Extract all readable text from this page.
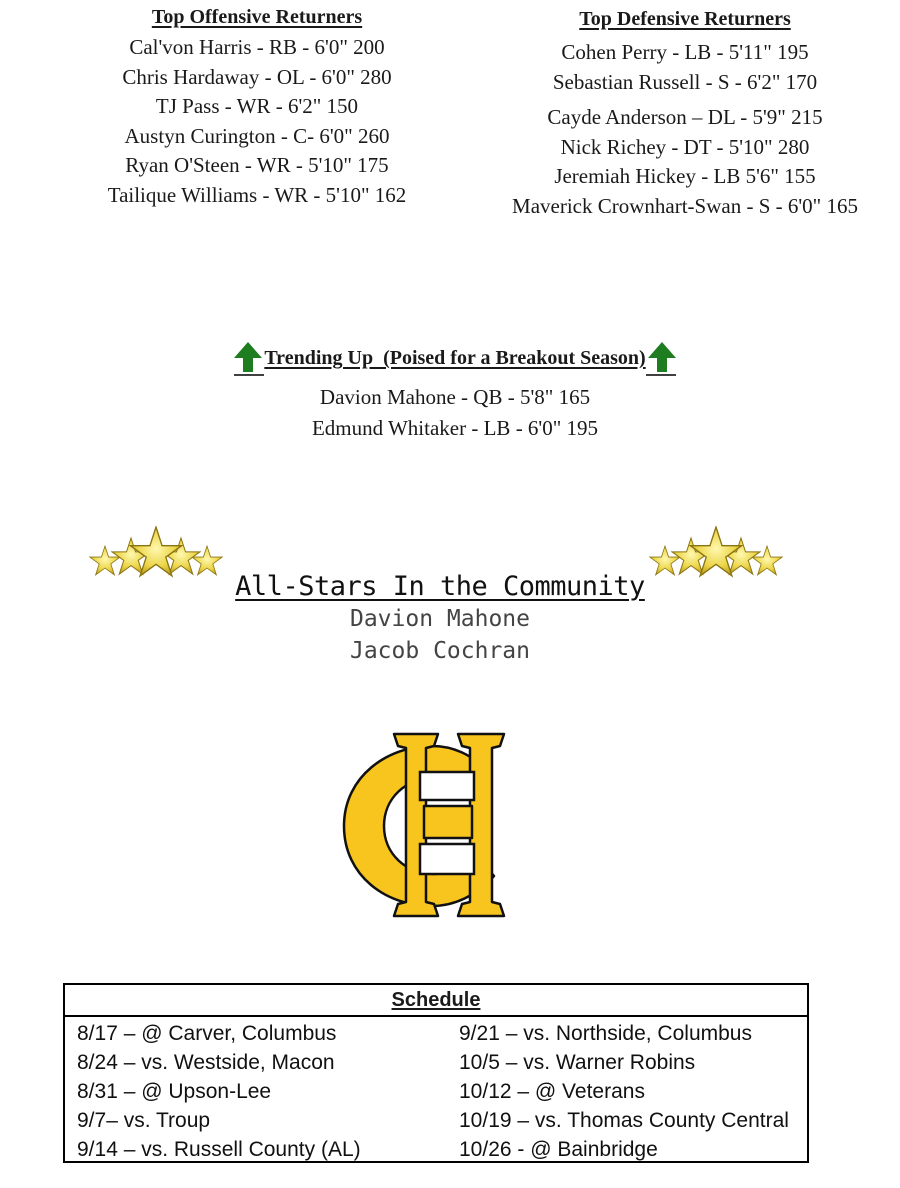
Top Offensive Returners
Cal'von Harris - RB - 6'0" 200
Chris Hardaway - OL - 6'0" 280
TJ Pass - WR - 6'2" 150
Austyn Curington - C- 6'0" 260
Ryan O'Steen - WR - 5'10" 175
Tailique Williams - WR - 5'10" 162
Top Defensive Returners
Cohen Perry - LB - 5'11" 195
Sebastian Russell - S - 6'2" 170
Cayde Anderson – DL - 5'9" 215
Nick Richey - DT - 5'10" 280
Jeremiah Hickey - LB 5'6" 155
Maverick Crownhart-Swan - S - 6'0" 165
Trending Up  (Poised for a Breakout Season)
Davion Mahone - QB - 5'8" 165
Edmund Whitaker - LB - 6'0" 195
All-Stars In the Community
Davion Mahone
Jacob Cochran
Schedule
8/17 – @ Carver, Columbus	9/21 – vs. Northside, Columbus
8/24 – vs. Westside, Macon	10/5 – vs. Warner Robins
8/31 – @ Upson-Lee	10/12 – @ Veterans
9/7– vs. Troup	10/19 – vs. Thomas County Central
9/14 – vs. Russell County (AL)	10/26 - @ Bainbridge
